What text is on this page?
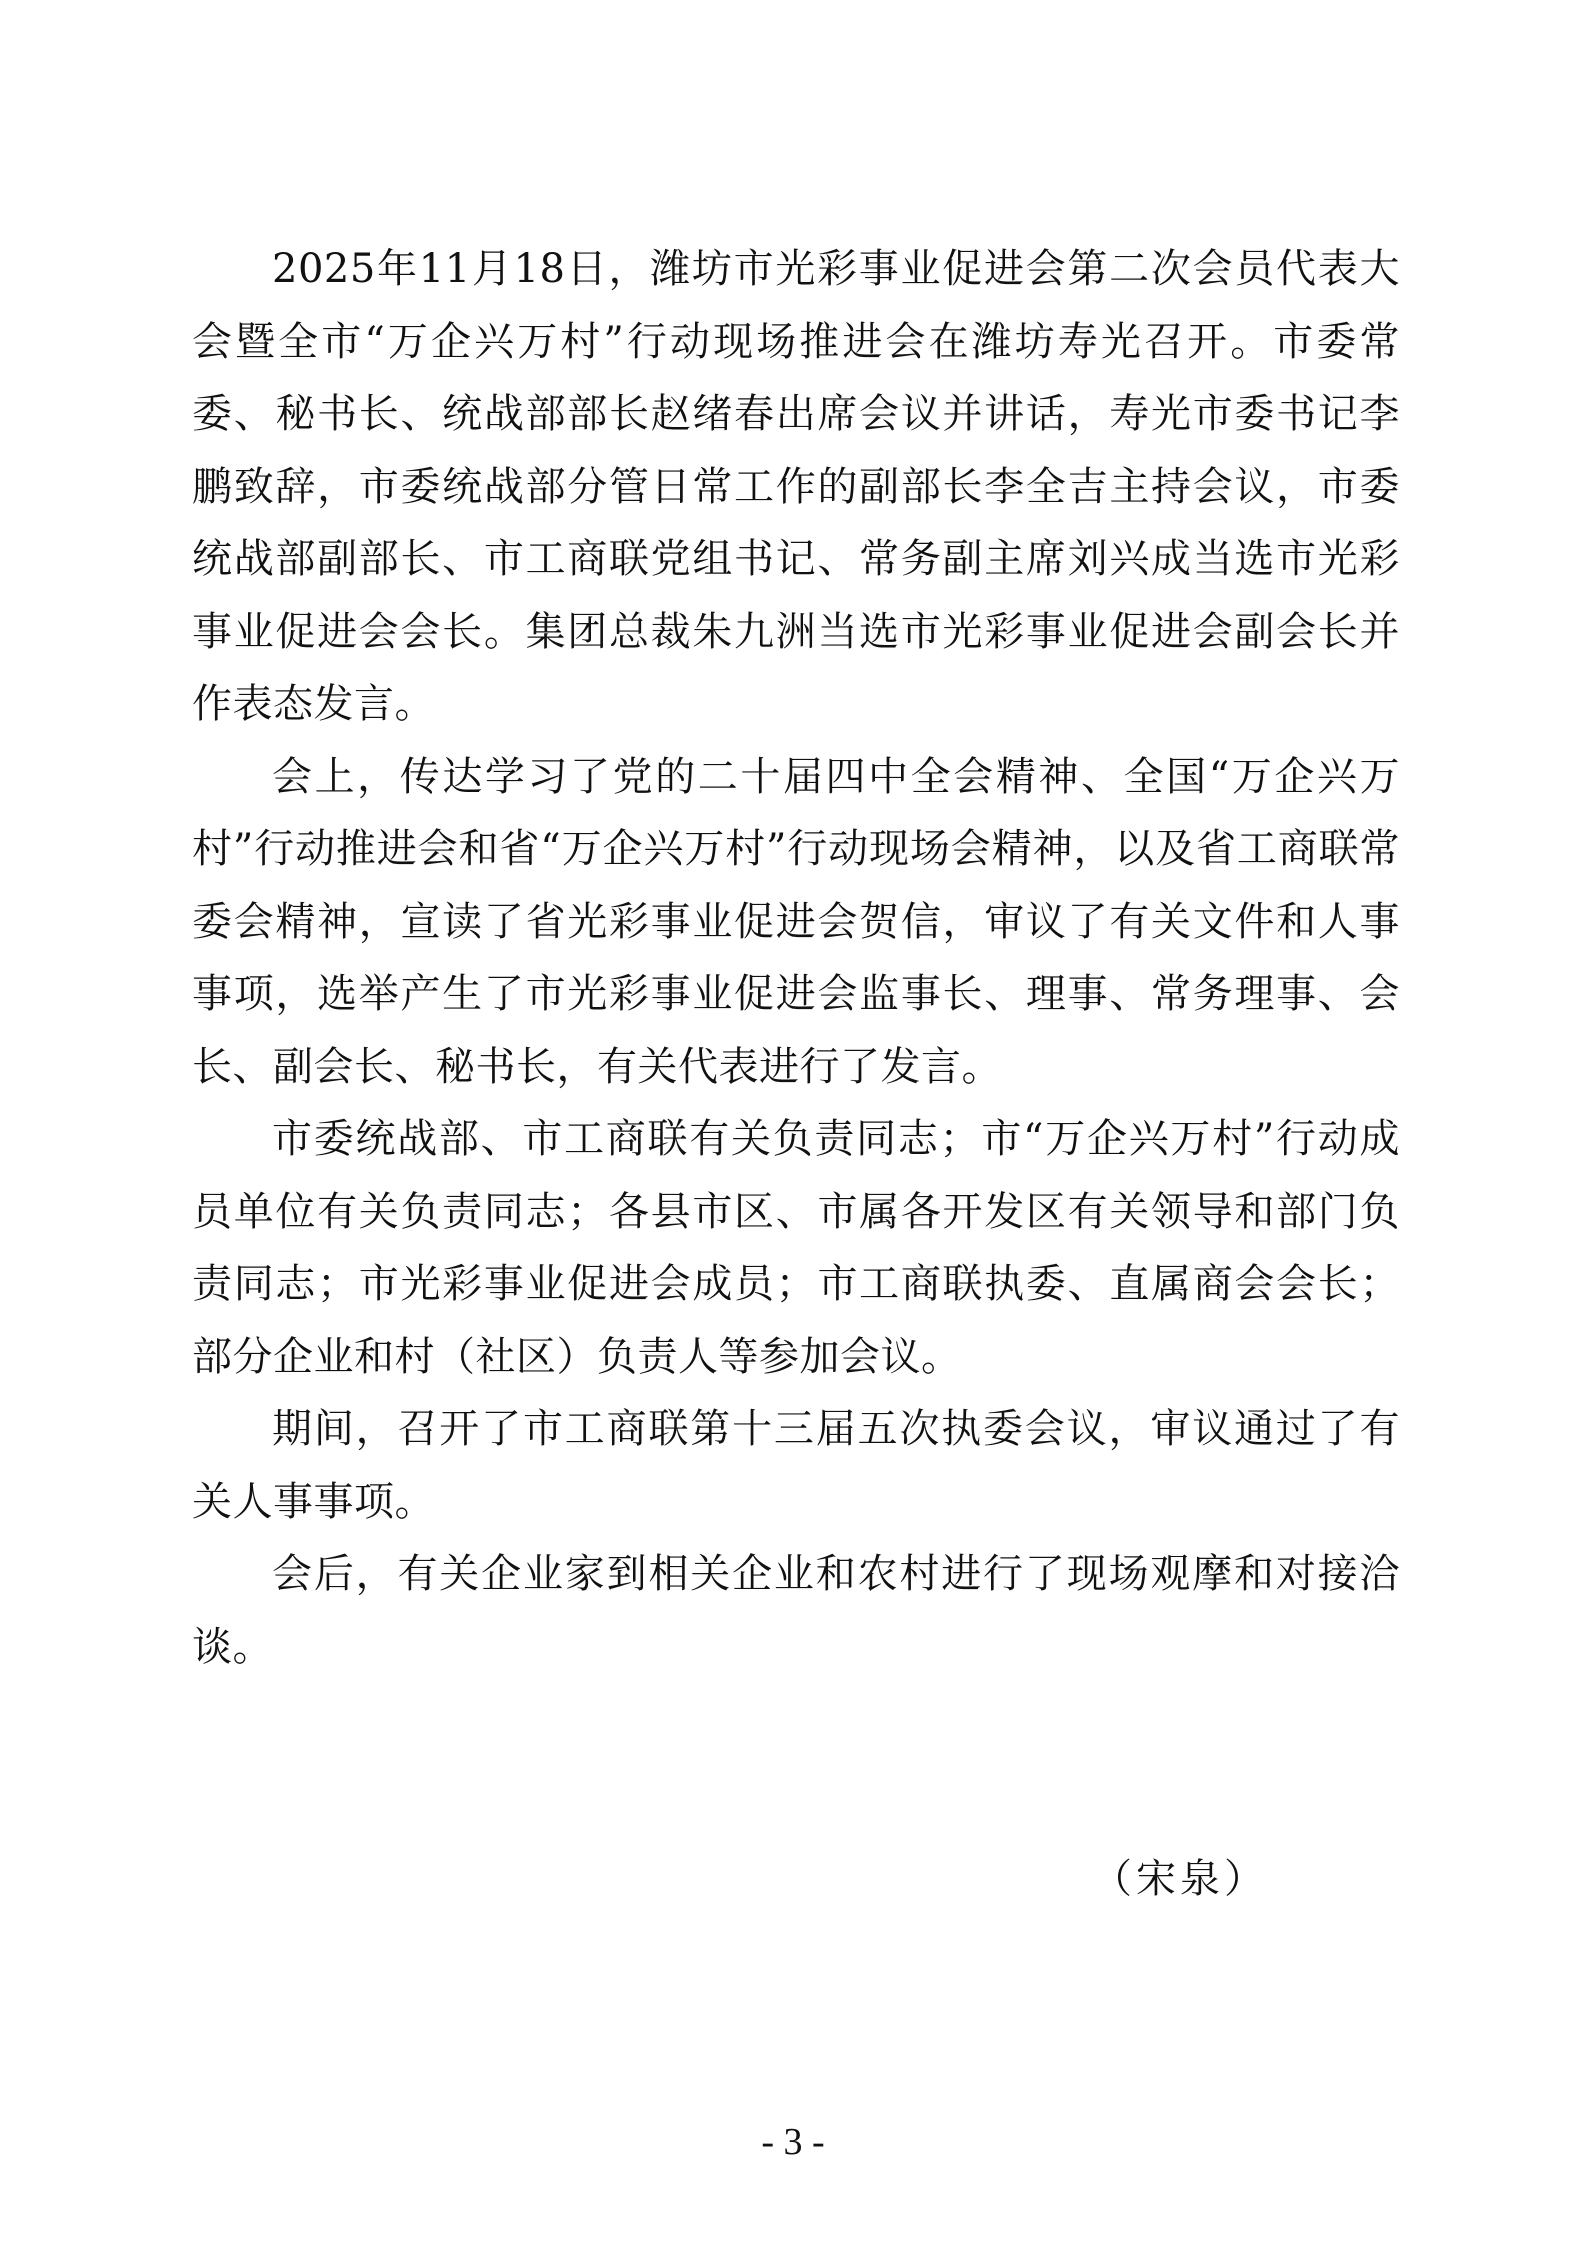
2025年11月18日，潍坊市光彩事业促进会第二次会员代表大会暨全市“万企兴万村”行动现场推进会在潍坊寿光召开。市委常委、秘书长、统战部部长赵绪春出席会议并讲话，寿光市委书记李鹏致辞，市委统战部分管日常工作的副部长李全吉主持会议，市委统战部副部长、市工商联党组书记、常务副主席刘兴成当选市光彩事业促进会会长。集团总裁朱九洲当选市光彩事业促进会副会长并作表态发言。

会上，传达学习了党的二十届四中全会精神、全国“万企兴万村”行动推进会和省“万企兴万村”行动现场会精神，以及省工商联常委会精神，宣读了省光彩事业促进会贺信，审议了有关文件和人事事项，选举产生了市光彩事业促进会监事长、理事、常务理事、会长、副会长、秘书长，有关代表进行了发言。

市委统战部、市工商联有关负责同志；市“万企兴万村”行动成员单位有关负责同志；各县市区、市属各开发区有关领导和部门负责同志；市光彩事业促进会成员；市工商联执委、直属商会会长；部分企业和村（社区）负责人等参加会议。

期间，召开了市工商联第十三届五次执委会议，审议通过了有关人事事项。

会后，有关企业家到相关企业和农村进行了现场观摩和对接洽谈。

（宋泉）

- 3 -
